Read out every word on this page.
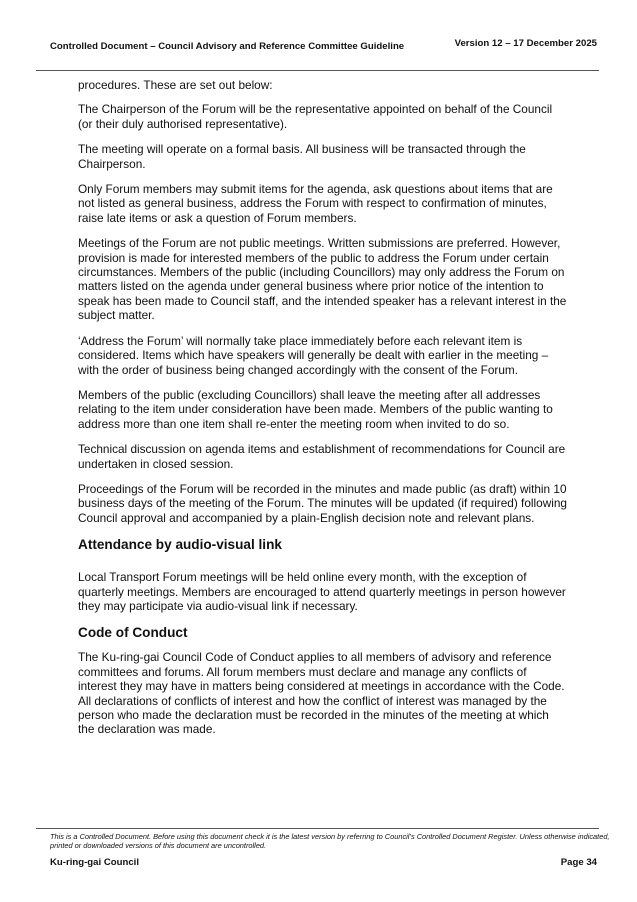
Controlled Document – Council Advisory and Reference Committee Guideline	Version 12 – 17 December 2025

procedures. These are set out below:

The Chairperson of the Forum will be the representative appointed on behalf of the Council (or their duly authorised representative).

The meeting will operate on a formal basis. All business will be transacted through the Chairperson.

Only Forum members may submit items for the agenda, ask questions about items that are not listed as general business, address the Forum with respect to confirmation of minutes, raise late items or ask a question of Forum members.

Meetings of the Forum are not public meetings. Written submissions are preferred. However, provision is made for interested members of the public to address the Forum under certain circumstances. Members of the public (including Councillors) may only address the Forum on matters listed on the agenda under general business where prior notice of the intention to speak has been made to Council staff, and the intended speaker has a relevant interest in the subject matter.

‘Address the Forum’ will normally take place immediately before each relevant item is considered. Items which have speakers will generally be dealt with earlier in the meeting – with the order of business being changed accordingly with the consent of the Forum.

Members of the public (excluding Councillors) shall leave the meeting after all addresses relating to the item under consideration have been made. Members of the public wanting to address more than one item shall re-enter the meeting room when invited to do so.

Technical discussion on agenda items and establishment of recommendations for Council are undertaken in closed session.

Proceedings of the Forum will be recorded in the minutes and made public (as draft) within 10 business days of the meeting of the Forum. The minutes will be updated (if required) following Council approval and accompanied by a plain-English decision note and relevant plans.

Attendance by audio-visual link

Local Transport Forum meetings will be held online every month, with the exception of quarterly meetings. Members are encouraged to attend quarterly meetings in person however they may participate via audio-visual link if necessary.

Code of Conduct

The Ku-ring-gai Council Code of Conduct applies to all members of advisory and reference committees and forums. All forum members must declare and manage any conflicts of interest they may have in matters being considered at meetings in accordance with the Code. All declarations of conflicts of interest and how the conflict of interest was managed by the person who made the declaration must be recorded in the minutes of the meeting at which the declaration was made.

This is a Controlled Document. Before using this document check it is the latest version by referring to Council’s Controlled Document Register. Unless otherwise indicated, printed or downloaded versions of this document are uncontrolled.
Ku-ring-gai Council	Page 34
